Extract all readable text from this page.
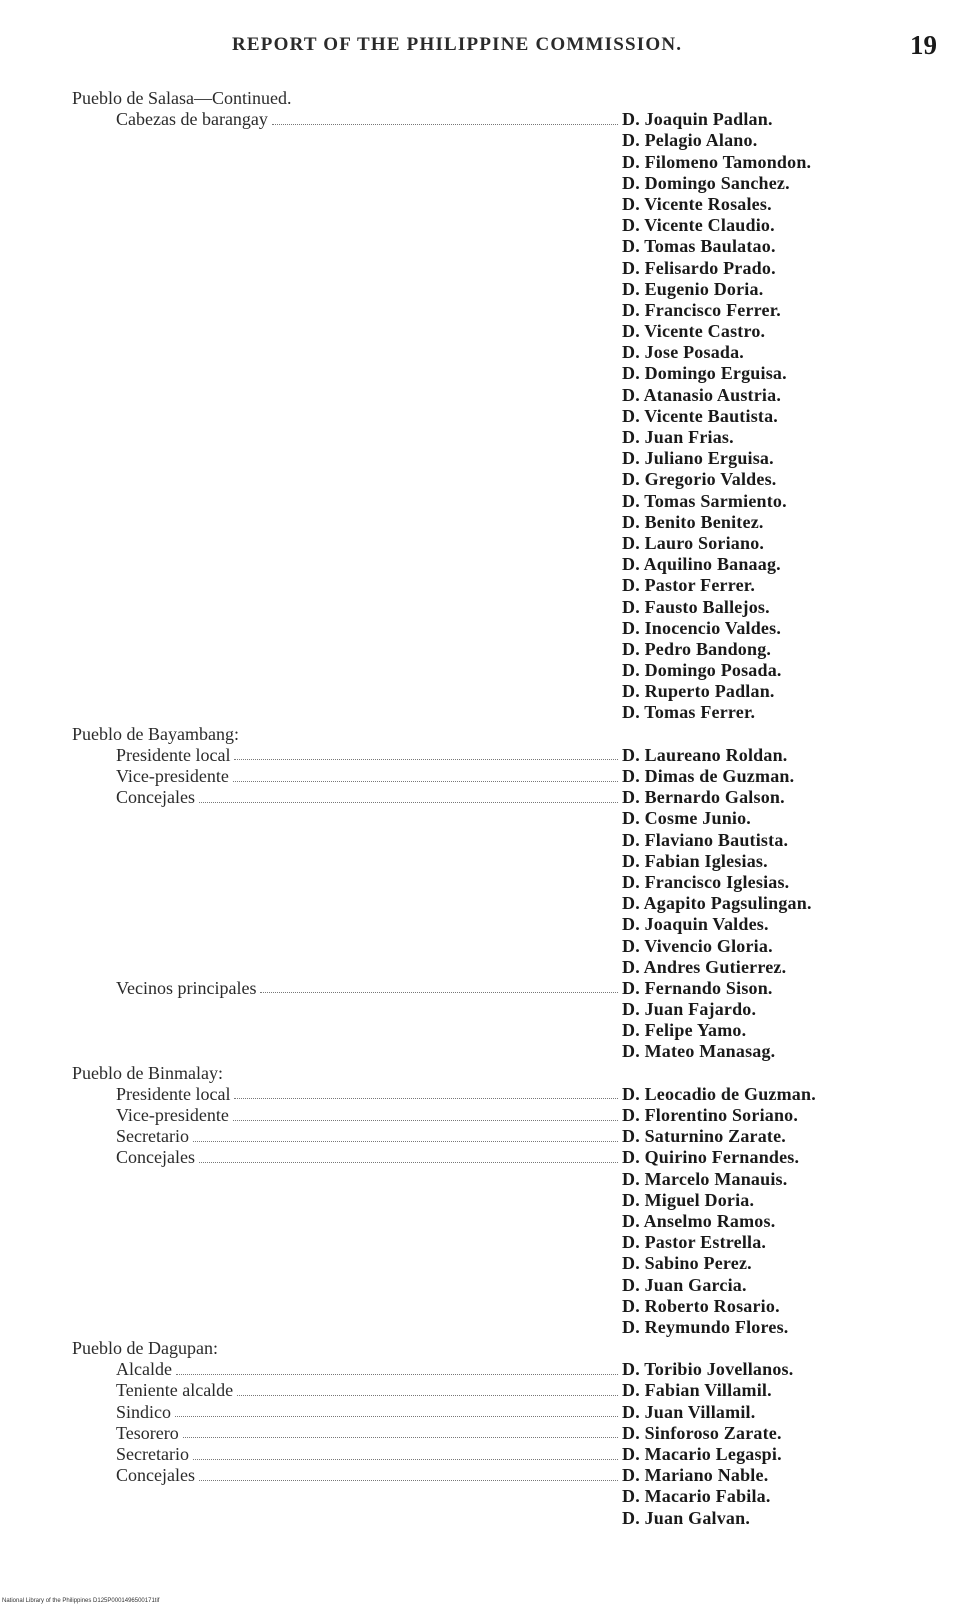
REPORT OF THE PHILIPPINE COMMISSION.	19
Pueblo de Salasa—Continued.
Cabezas de barangay	D. Joaquin Padlan.
D. Pelagio Alano.
D. Filomeno Tamondon.
D. Domingo Sanchez.
D. Vicente Rosales.
D. Vicente Claudio.
D. Tomas Baulatao.
D. Felisardo Prado.
D. Eugenio Doria.
D. Francisco Ferrer.
D. Vicente Castro.
D. Jose Posada.
D. Domingo Erguisa.
D. Atanasio Austria.
D. Vicente Bautista.
D. Juan Frias.
D. Juliano Erguisa.
D. Gregorio Valdes.
D. Tomas Sarmiento.
D. Benito Benitez.
D. Lauro Soriano.
D. Aquilino Banaag.
D. Pastor Ferrer.
D. Fausto Ballejos.
D. Inocencio Valdes.
D. Pedro Bandong.
D. Domingo Posada.
D. Ruperto Padlan.
D. Tomas Ferrer.
Pueblo de Bayambang:
Presidente local	D. Laureano Roldan.
Vice-presidente	D. Dimas de Guzman.
Concejales	D. Bernardo Galson.
D. Cosme Junio.
D. Flaviano Bautista.
D. Fabian Iglesias.
D. Francisco Iglesias.
D. Agapito Pagsulingan.
D. Joaquin Valdes.
D. Vivencio Gloria.
D. Andres Gutierrez.
Vecinos principales	D. Fernando Sison.
D. Juan Fajardo.
D. Felipe Yamo.
D. Mateo Manasag.
Pueblo de Binmalay:
Presidente local	D. Leocadio de Guzman.
Vice-presidente	D. Florentino Soriano.
Secretario	D. Saturnino Zarate.
Concejales	D. Quirino Fernandes.
D. Marcelo Manauis.
D. Miguel Doria.
D. Anselmo Ramos.
D. Pastor Estrella.
D. Sabino Perez.
D. Juan Garcia.
D. Roberto Rosario.
D. Reymundo Flores.
Pueblo de Dagupan:
Alcalde	D. Toribio Jovellanos.
Teniente alcalde	D. Fabian Villamil.
Sindico	D. Juan Villamil.
Tesorero	D. Sinforoso Zarate.
Secretario	D. Macario Legaspi.
Concejales	D. Mariano Nable.
D. Macario Fabila.
D. Juan Galvan.
National Library of the Philippines D125P0001496500171tif
